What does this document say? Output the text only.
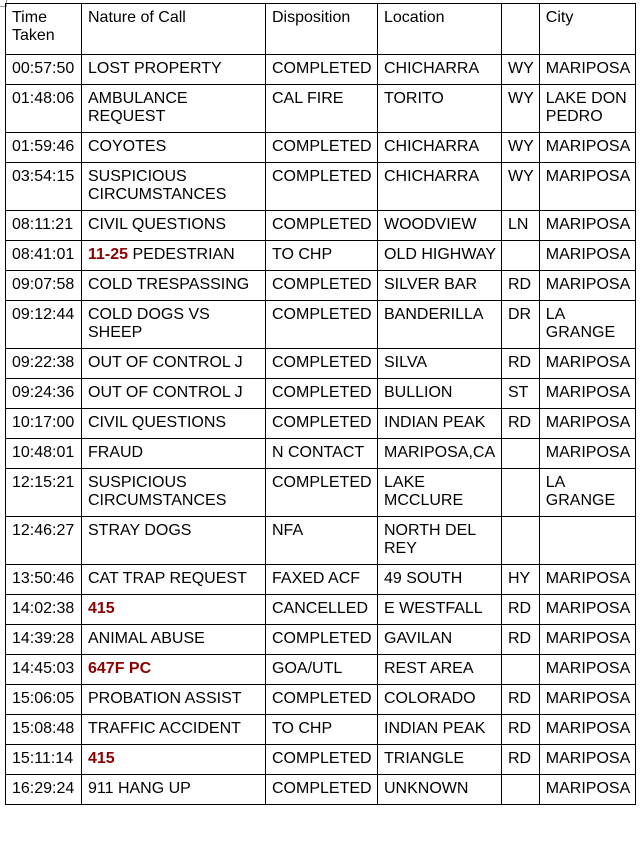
Time Taken	Nature of Call	Disposition	Location		City
00:57:50	LOST PROPERTY	COMPLETED	CHICHARRA	WY	MARIPOSA
01:48:06	AMBULANCE REQUEST	CAL FIRE	TORITO	WY	LAKE DON PEDRO
01:59:46	COYOTES	COMPLETED	CHICHARRA	WY	MARIPOSA
03:54:15	SUSPICIOUS CIRCUMSTANCES	COMPLETED	CHICHARRA	WY	MARIPOSA
08:11:21	CIVIL QUESTIONS	COMPLETED	WOODVIEW	LN	MARIPOSA
08:41:01	11-25 PEDESTRIAN	TO CHP	OLD HIGHWAY		MARIPOSA
09:07:58	COLD TRESPASSING	COMPLETED	SILVER BAR	RD	MARIPOSA
09:12:44	COLD DOGS VS SHEEP	COMPLETED	BANDERILLA	DR	LA GRANGE
09:22:38	OUT OF CONTROL J	COMPLETED	SILVA	RD	MARIPOSA
09:24:36	OUT OF CONTROL J	COMPLETED	BULLION	ST	MARIPOSA
10:17:00	CIVIL QUESTIONS	COMPLETED	INDIAN PEAK	RD	MARIPOSA
10:48:01	FRAUD	N CONTACT	MARIPOSA,CA		MARIPOSA
12:15:21	SUSPICIOUS CIRCUMSTANCES	COMPLETED	LAKE MCCLURE		LA GRANGE
12:46:27	STRAY DOGS	NFA	NORTH DEL REY		
13:50:46	CAT TRAP REQUEST	FAXED ACF	49 SOUTH	HY	MARIPOSA
14:02:38	415	CANCELLED	E WESTFALL	RD	MARIPOSA
14:39:28	ANIMAL ABUSE	COMPLETED	GAVILAN	RD	MARIPOSA
14:45:03	647F PC	GOA/UTL	REST AREA		MARIPOSA
15:06:05	PROBATION ASSIST	COMPLETED	COLORADO	RD	MARIPOSA
15:08:48	TRAFFIC ACCIDENT	TO CHP	INDIAN PEAK	RD	MARIPOSA
15:11:14	415	COMPLETED	TRIANGLE	RD	MARIPOSA
16:29:24	911 HANG UP	COMPLETED	UNKNOWN		MARIPOSA
